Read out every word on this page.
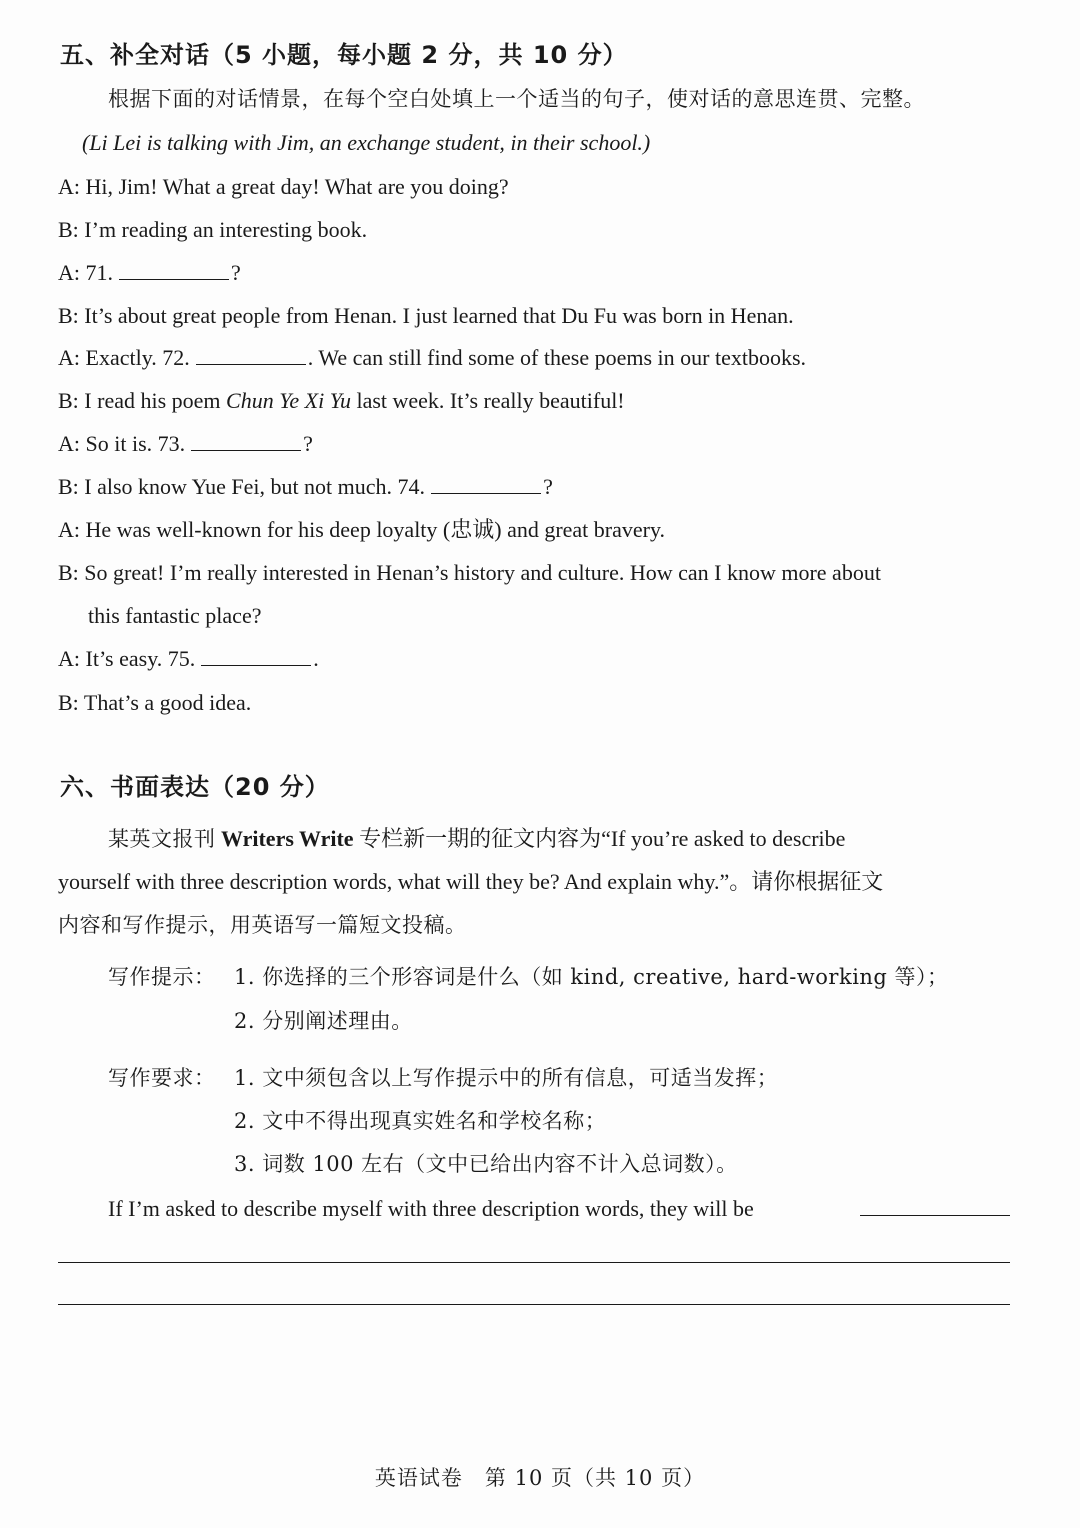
五、补全对话（5 小题，每小题 2 分，共 10 分）
根据下面的对话情景，在每个空白处填上一个适当的句子，使对话的意思连贯、完整。
(Li Lei is talking with Jim, an exchange student, in their school.)
A: Hi, Jim! What a great day! What are you doing?
B: I’m reading an interesting book.
A: 71.	?
B: It’s about great people from Henan. I just learned that Du Fu was born in Henan.
A: Exactly. 72.	. We can still find some of these poems in our textbooks.
B: I read his poem Chun Ye Xi Yu last week. It’s really beautiful!
A: So it is. 73.	?
B: I also know Yue Fei, but not much. 74.	?
A: He was well-known for his deep loyalty (忠诚) and great bravery.
B: So great! I’m really interested in Henan’s history and culture. How can I know more about
this fantastic place?
A: It’s easy. 75.	.
B: That’s a good idea.
六、书面表达（20 分）
某英文报刊 Writers Write 专栏新一期的征文内容为“If you’re asked to describe
yourself with three description words, what will they be? And explain why.”。请你根据征文
内容和写作提示，用英语写一篇短文投稿。
写作提示： 1. 你选择的三个形容词是什么（如 kind, creative, hard-working 等）；
2. 分别阐述理由。
写作要求： 1. 文中须包含以上写作提示中的所有信息，可适当发挥；
2. 文中不得出现真实姓名和学校名称；
3. 词数 100 左右（文中已给出内容不计入总词数）。
If I’m asked to describe myself with three description words, they will be
英语试卷　第 10 页（共 10 页）
